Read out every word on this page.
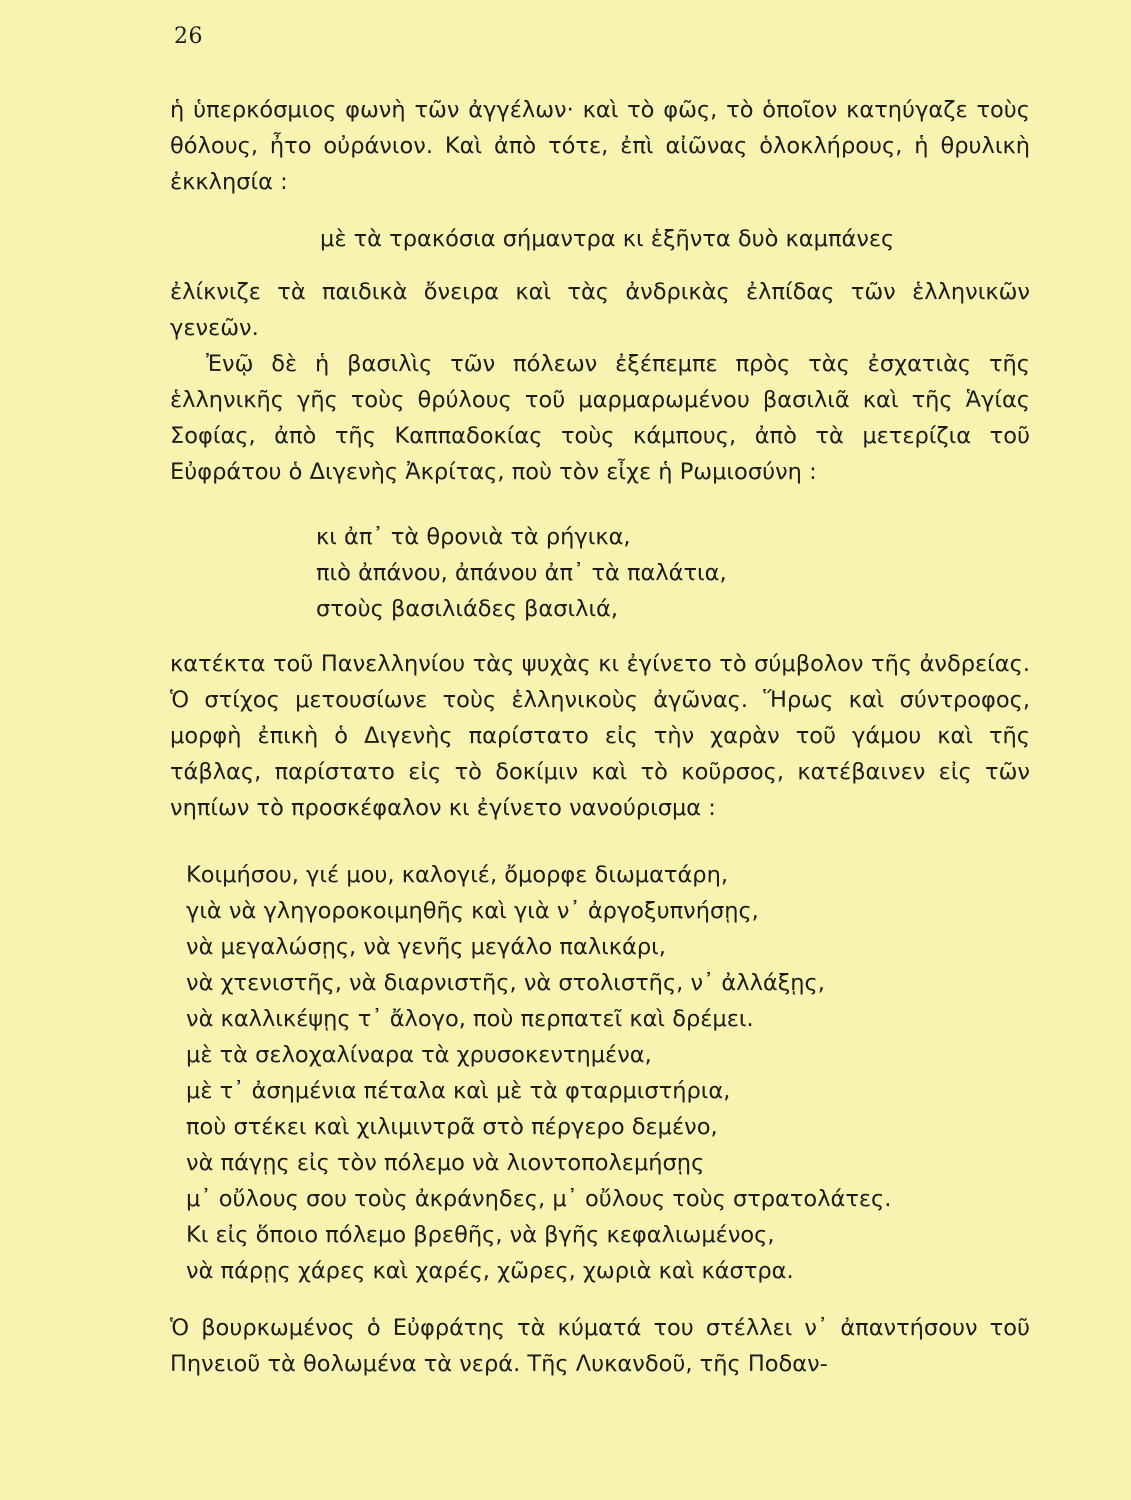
26

ἡ ὑπερκόσμιος φωνὴ τῶν ἀγγέλων· καὶ τὸ φῶς, τὸ ὁποῖον κατηύγαζε τοὺς θόλους, ἦτο οὐράνιον. Καὶ ἀπὸ τότε, ἐπὶ αἰῶνας ὁλοκλήρους, ἡ θρυλικὴ ἐκκλησία :

μὲ τὰ τρακόσια σήμαντρα κι ἑξῆντα δυὸ καμπάνες

ἐλίκνιζε τὰ παιδικὰ ὄνειρα καὶ τὰς ἀνδρικὰς ἐλπίδας τῶν ἑλληνικῶν γενεῶν.

Ἐνῷ δὲ ἡ βασιλὶς τῶν πόλεων ἐξέπεμπε πρὸς τὰς ἐσχατιὰς τῆς ἑλληνικῆς γῆς τοὺς θρύλους τοῦ μαρμαρωμένου βασιλιᾶ καὶ τῆς Ἁγίας Σοφίας, ἀπὸ τῆς Καππαδοκίας τοὺς κάμπους, ἀπὸ τὰ μετερίζια τοῦ Εὐφράτου ὁ Διγενὴς Ἀκρίτας, ποὺ τὸν εἶχε ἡ Ρωμιοσύνη :

κι ἀπ᾿ τὰ θρονιὰ τὰ ρήγικα,
πιὸ ἀπάνου, ἀπάνου ἀπ᾿ τὰ παλάτια,
στοὺς βασιλιάδες βασιλιά,

κατέκτα τοῦ Πανελληνίου τὰς ψυχὰς κι ἐγίνετο τὸ σύμβολον τῆς ἀνδρείας. Ὁ στίχος μετουσίωνε τοὺς ἑλληνικοὺς ἀγῶνας. Ἥρως καὶ σύντροφος, μορφὴ ἐπικὴ ὁ Διγενὴς παρίστατο εἰς τὴν χαρὰν τοῦ γάμου καὶ τῆς τάβλας, παρίστατο εἰς τὸ δοκίμιν καὶ τὸ κοῦρσος, κατέβαινεν εἰς τῶν νηπίων τὸ προσκέφαλον κι ἐγίνετο νανούρισμα :

Κοιμήσου, γιέ μου, καλογιέ, ὄμορφε διωματάρη,
γιὰ νὰ γληγοροκοιμηθῆς καὶ γιὰ ν᾿ ἀργοξυπνήσῃς,
νὰ μεγαλώσῃς, νὰ γενῆς μεγάλο παλικάρι,
νὰ χτενιστῆς, νὰ διαρνιστῆς, νὰ στολιστῆς, ν᾿ ἀλλάξῃς,
νὰ καλλικέψῃς τ᾿ ἄλογο, ποὺ περπατεῖ καὶ δρέμει.
μὲ τὰ σελοχαλίναρα τὰ χρυσοκεντημένα,
μὲ τ᾿ ἀσημένια πέταλα καὶ μὲ τὰ φταρμιστήρια,
ποὺ στέκει καὶ χιλιμιντρᾶ στὸ πέργερο δεμένο,
νὰ πάγῃς εἰς τὸν πόλεμο νὰ λιοντοπολεμήσῃς
μ᾿ οὔλους σου τοὺς ἀκράνηδες, μ᾿ οὔλους τοὺς στρατολάτες.
Κι εἰς ὅποιο πόλεμο βρεθῆς, νὰ βγῆς κεφαλιωμένος,
νὰ πάρῃς χάρες καὶ χαρές, χῶρες, χωριὰ καὶ κάστρα.

Ὁ βουρκωμένος ὁ Εὐφράτης τὰ κύματά του στέλλει ν᾿ ἀπαντήσουν τοῦ Πηνειοῦ τὰ θολωμένα τὰ νερά. Τῆς Λυκανδοῦ, τῆς Ποδαν-
